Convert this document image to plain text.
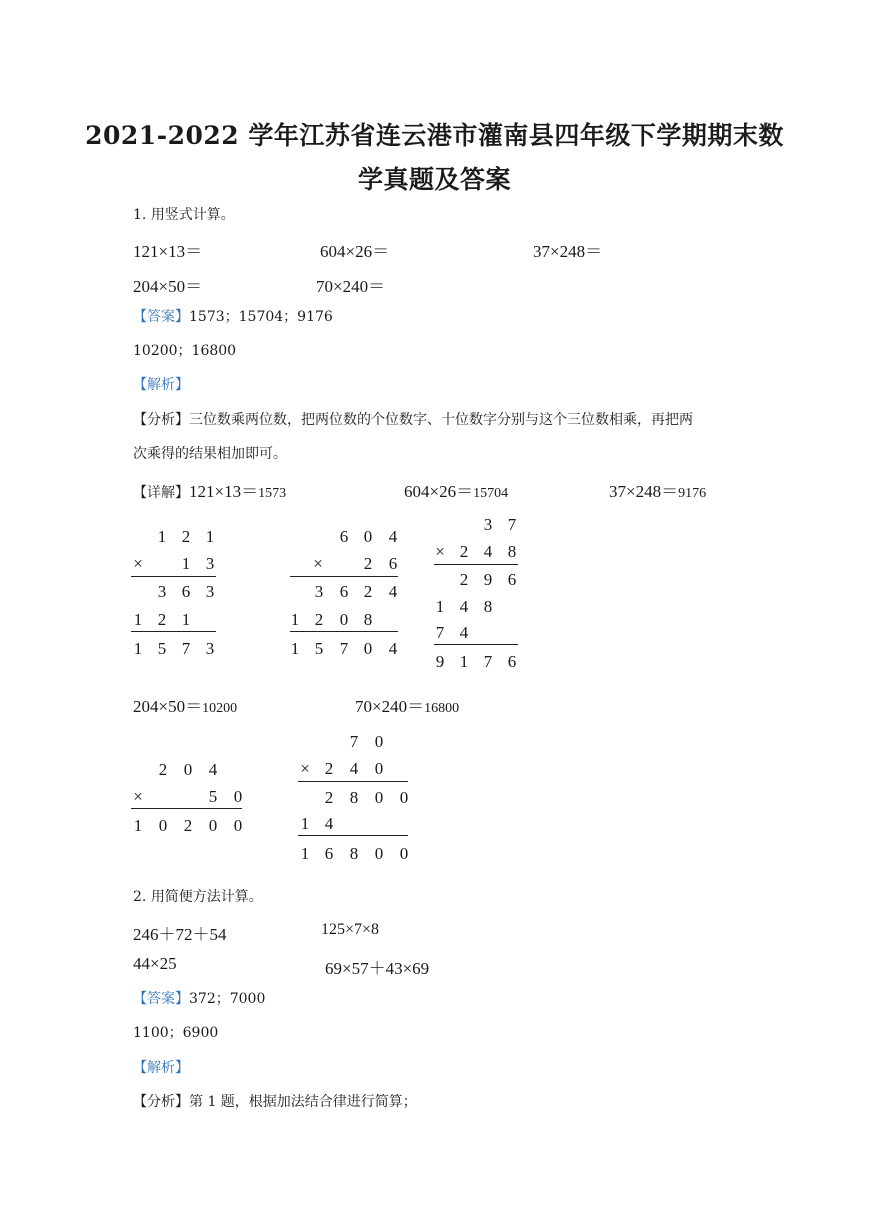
2021-2022 学年江苏省连云港市灌南县四年级下学期期末数
学真题及答案
1. 用竖式计算。
121×13＝	604×26＝	37×248＝
204×50＝	70×240＝
【答案】1573；15704；9176
10200；16800
【解析】
【分析】三位数乘两位数，把两位数的个位数字、十位数字分别与这个三位数相乘，再把两
次乘得的结果相加即可。
【详解】121×13＝1573	604×26＝15704	37×248＝9176
1 2 1
× 1 3
3 6 3
1 2 1
1 5 7 3
6 0 4
× 2 6
3 6 2 4
1 2 0 8
1 5 7 0 4
3 7
× 2 4 8
2 9 6
1 4 8
7 4
9 1 7 6
204×50＝10200	70×240＝16800
2 0 4
×	5 0
1 0 2 0 0
7 0
× 2 4 0
2 8 0 0
1 4
1 6 8 0 0
2. 用简便方法计算。
246＋72＋54	125×7×8
44×25	69×57＋43×69
【答案】372；7000
1100；6900
【解析】
【分析】第 1 题，根据加法结合律进行简算；
